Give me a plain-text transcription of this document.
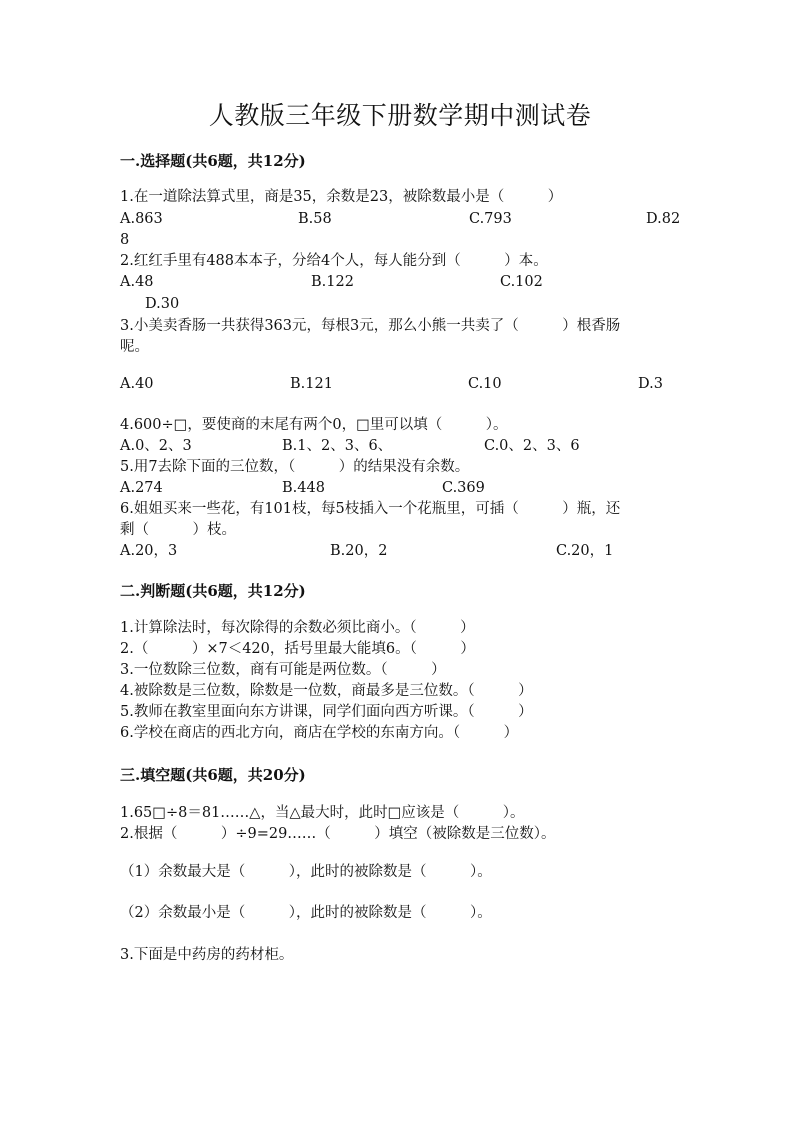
人教版三年级下册数学期中测试卷
一.选择题(共6题，共12分)
1.在一道除法算式里，商是35，余数是23，被除数最小是（　　　）
A.863	B.58	C.793	D.82
8
2.红红手里有488本本子，分给4个人，每人能分到（　　　）本。
A.48	B.122	C.102
D.30
3.小美卖香肠一共获得363元，每根3元，那么小熊一共卖了（　　　）根香肠
呢。
A.40	B.121	C.10	D.3
4.600÷□，要使商的末尾有两个0，□里可以填（　　　）。
A.0、2、3	B.1、2、3、6、	C.0、2、3、6
5.用7去除下面的三位数，（　　　）的结果没有余数。
A.274	B.448	C.369
6.姐姐买来一些花，有101枝，每5枝插入一个花瓶里，可插（　　　）瓶，还
剩（　　　）枝。
A.20，3	B.20，2	C.20，1
二.判断题(共6题，共12分)
1.计算除法时，每次除得的余数必须比商小。（　　　）
2.（　　　）×7＜420，括号里最大能填6。（　　　）
3.一位数除三位数，商有可能是两位数。（　　　）
4.被除数是三位数，除数是一位数，商最多是三位数。（　　　）
5.教师在教室里面向东方讲课，同学们面向西方听课。（　　　）
6.学校在商店的西北方向，商店在学校的东南方向。（　　　）
三.填空题(共6题，共20分)
1.65□÷8＝81……△，当△最大时，此时□应该是（　　　）。
2.根据（　　　）÷9=29……（　　　）填空（被除数是三位数）。
（1）余数最大是（　　　），此时的被除数是（　　　）。
（2）余数最小是（　　　），此时的被除数是（　　　）。
3.下面是中药房的药材柜。
